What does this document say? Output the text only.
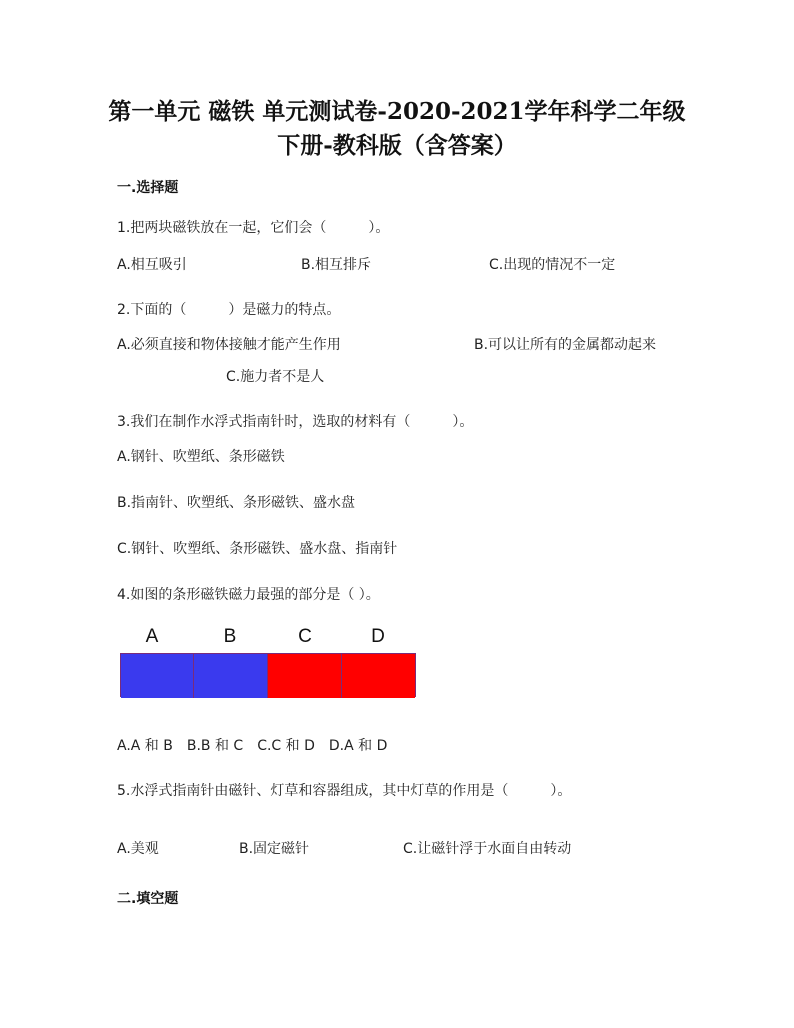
第一单元 磁铁 单元测试卷-2020-2021学年科学二年级
下册-教科版（含答案）
一.选择题
1.把两块磁铁放在一起，它们会（　　　）。
A.相互吸引	B.相互排斥	C.出现的情况不一定
2.下面的（　　　）是磁力的特点。
A.必须直接和物体接触才能产生作用	B.可以让所有的金属都动起来
C.施力者不是人
3.我们在制作水浮式指南针时，选取的材料有（　　　）。
A.钢针、吹塑纸、条形磁铁
B.指南针、吹塑纸、条形磁铁、盛水盘
C.钢针、吹塑纸、条形磁铁、盛水盘、指南针
4.如图的条形磁铁磁力最强的部分是（ ）。
A	B	C	D
A.A 和 B　B.B 和 C　C.C 和 D　D.A 和 D
5.水浮式指南针由磁针、灯草和容器组成，其中灯草的作用是（　　　）。
A.美观	B.固定磁针	C.让磁针浮于水面自由转动
二.填空题
